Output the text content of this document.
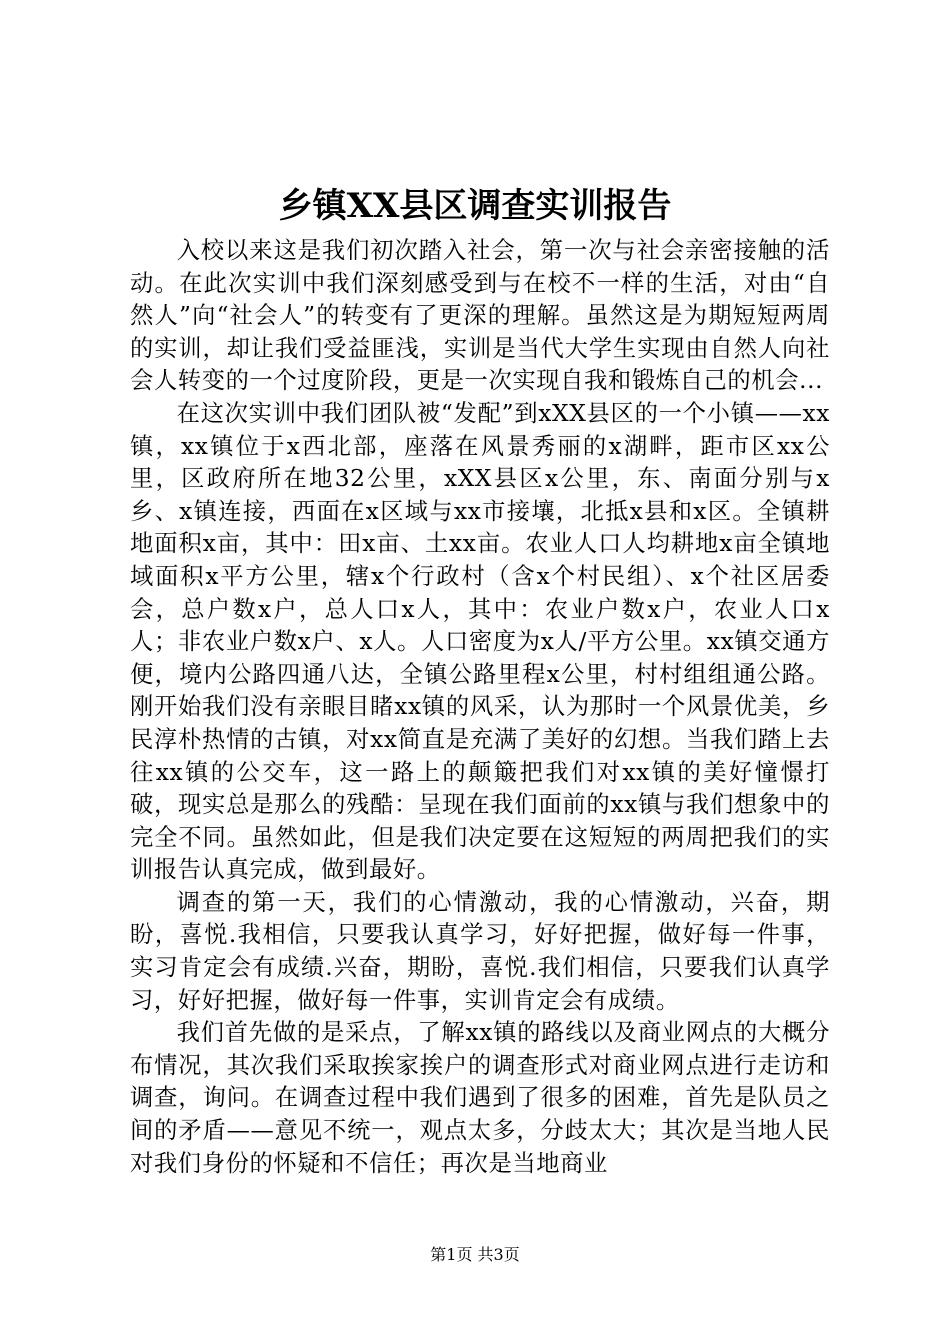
乡镇XX县区调查实训报告

入校以来这是我们初次踏入社会，第一次与社会亲密接触的活动。在此次实训中我们深刻感受到与在校不一样的生活，对由“自然人”向“社会人”的转变有了更深的理解。虽然这是为期短短两周的实训，却让我们受益匪浅，实训是当代大学生实现由自然人向社会人转变的一个过度阶段，更是一次实现自我和锻炼自己的机会...

在这次实训中我们团队被“发配”到xXX县区的一个小镇——xx镇，xx镇位于x西北部，座落在风景秀丽的x湖畔，距市区xx公里，区政府所在地32公里，xXX县区x公里，东、南面分别与x乡、x镇连接，西面在x区域与xx市接壤，北抵x县和x区。全镇耕地面积x亩，其中：田x亩、土xx亩。农业人口人均耕地x亩全镇地域面积x平方公里，辖x个行政村（含x个村民组）、x个社区居委会，总户数x户，总人口x人，其中：农业户数x户，农业人口x人；非农业户数x户、x人。人口密度为x人/平方公里。xx镇交通方便，境内公路四通八达，全镇公路里程x公里，村村组组通公路。刚开始我们没有亲眼目睹xx镇的风采，认为那时一个风景优美，乡民淳朴热情的古镇，对xx简直是充满了美好的幻想。当我们踏上去往xx镇的公交车，这一路上的颠簸把我们对xx镇的美好憧憬打破，现实总是那么的残酷：呈现在我们面前的xx镇与我们想象中的完全不同。虽然如此，但是我们决定要在这短短的两周把我们的实训报告认真完成，做到最好。

调查的第一天，我们的心情激动，我的心情激动，兴奋，期盼，喜悦.我相信，只要我认真学习，好好把握，做好每一件事，实习肯定会有成绩.兴奋，期盼，喜悦.我们相信，只要我们认真学习，好好把握，做好每一件事，实训肯定会有成绩。

我们首先做的是采点，了解xx镇的路线以及商业网点的大概分布情况，其次我们采取挨家挨户的调查形式对商业网点进行走访和调查，询问。在调查过程中我们遇到了很多的困难，首先是队员之间的矛盾——意见不统一，观点太多，分歧太大；其次是当地人民对我们身份的怀疑和不信任；再次是当地商业

第1页 共3页
